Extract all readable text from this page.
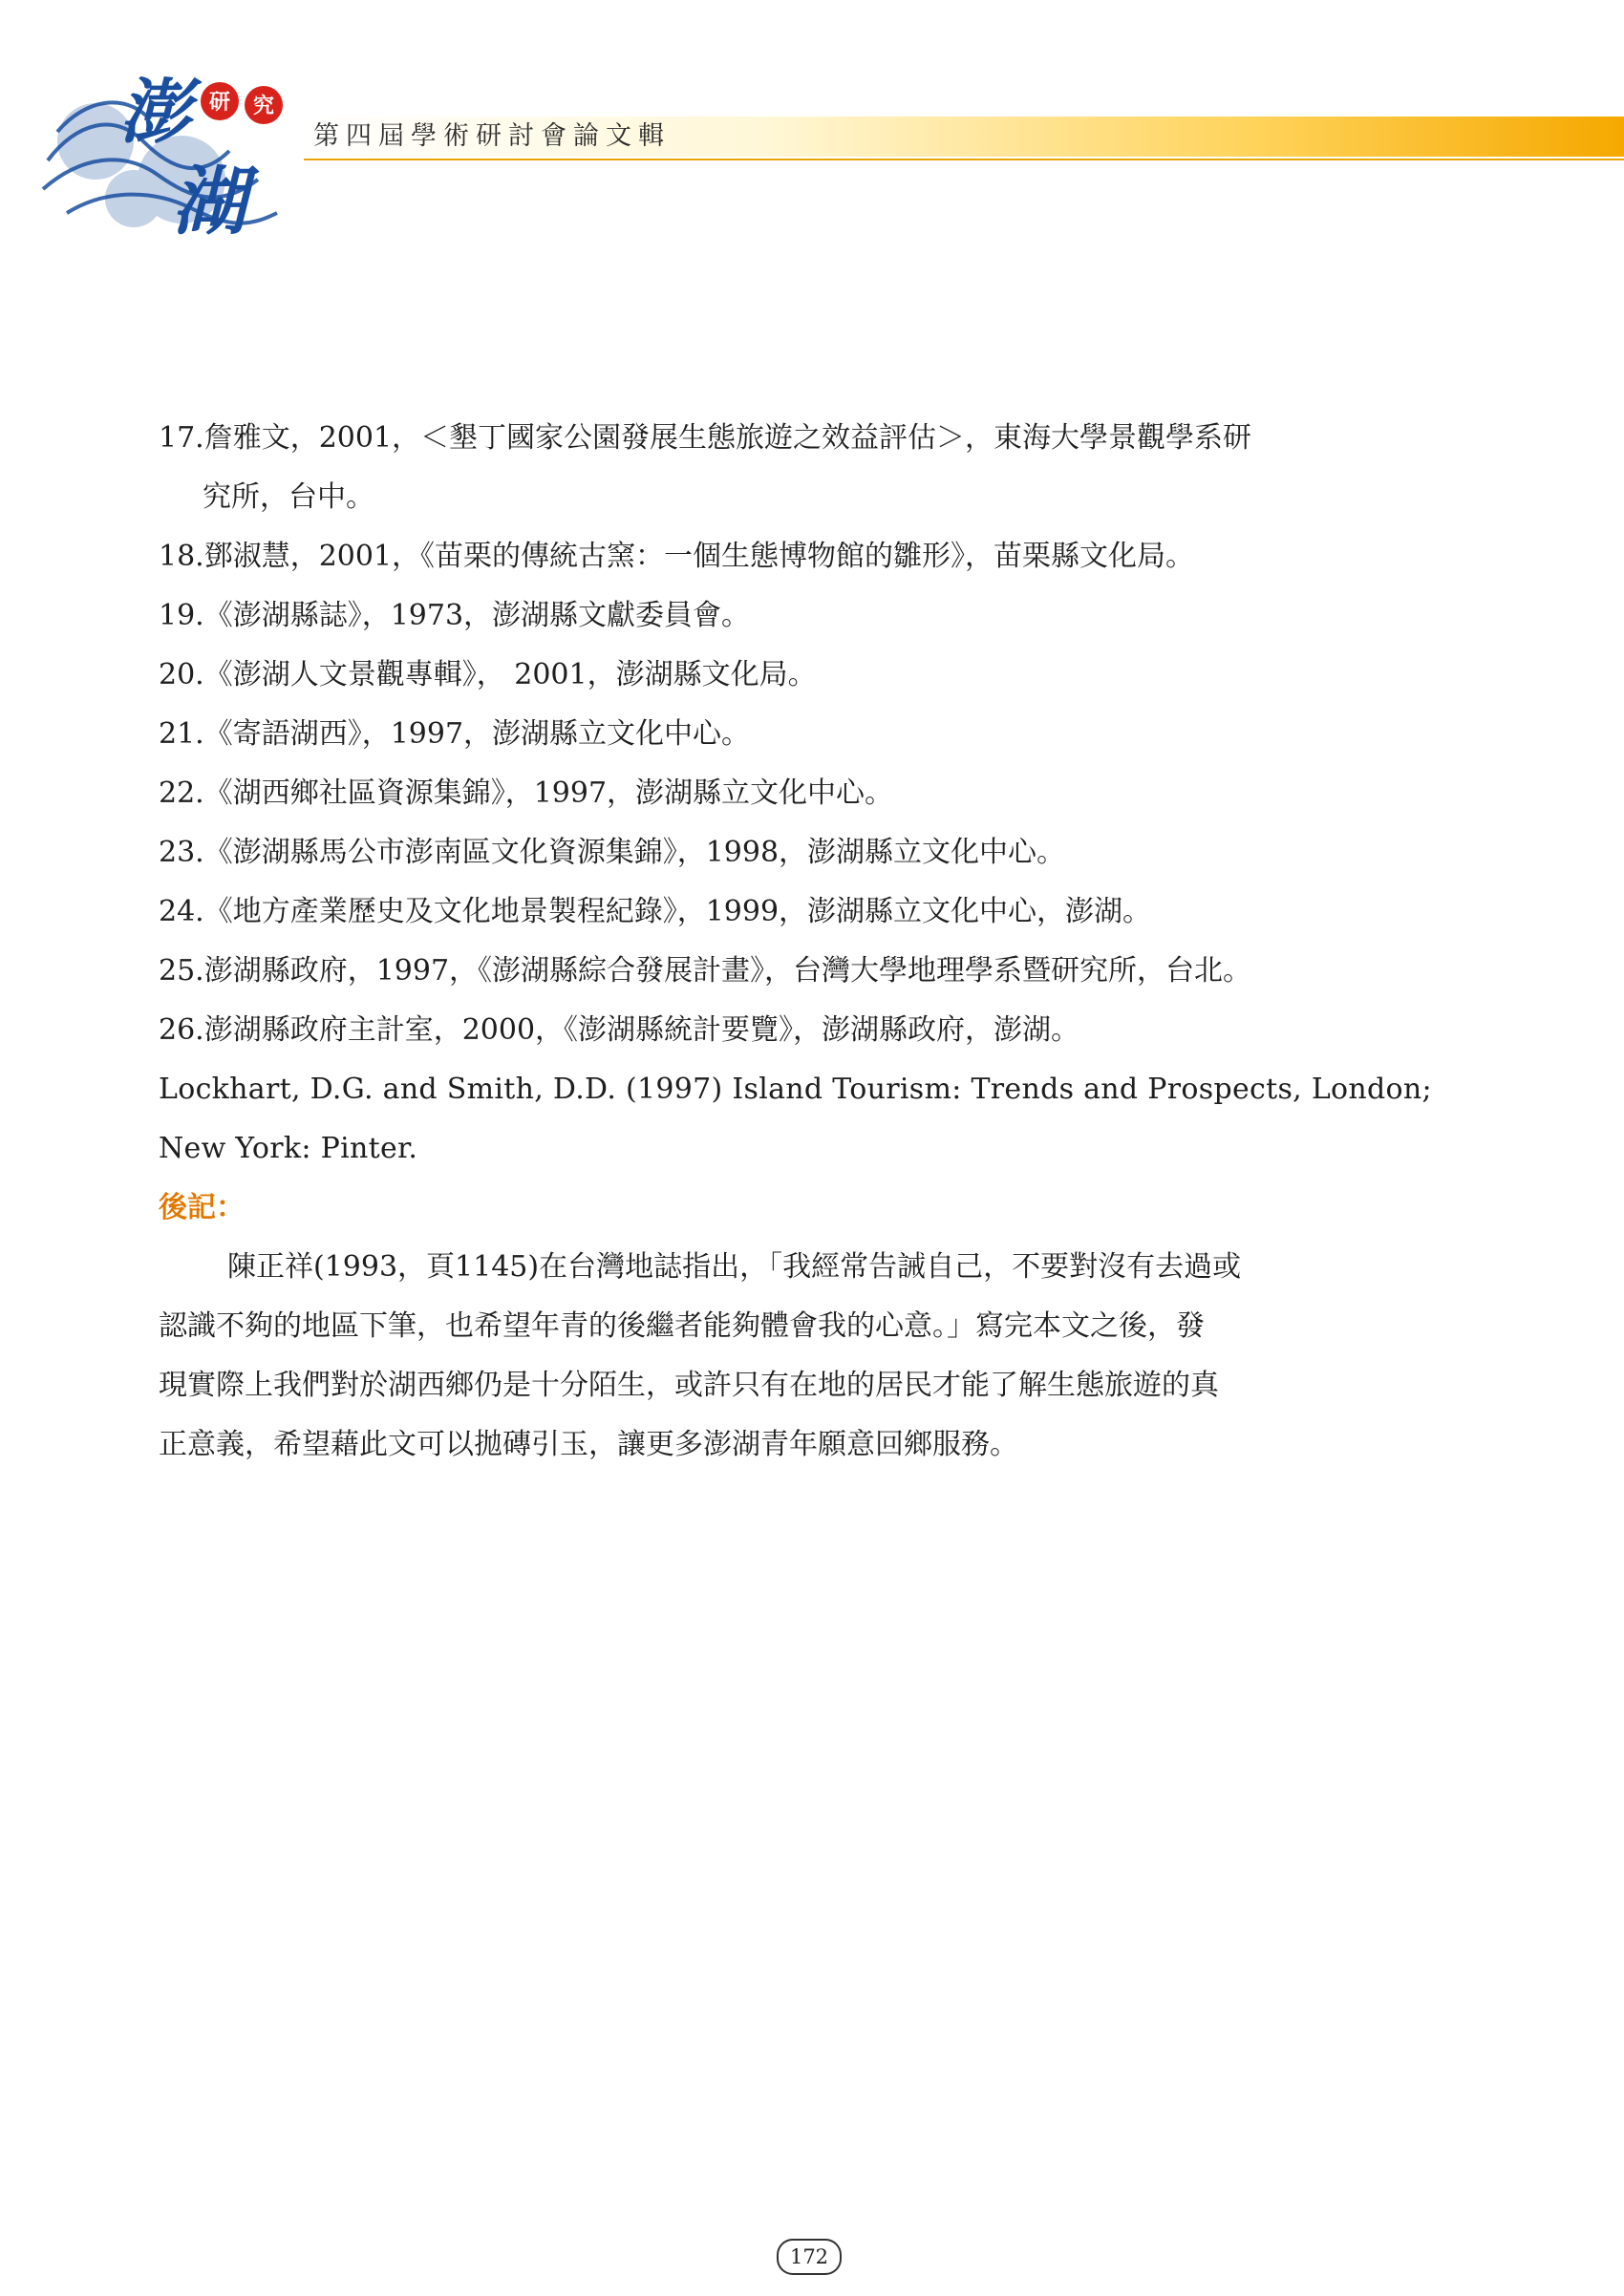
澎
湖
研 究
第四屆學術研討會論文輯

17.詹雅文，2001，＜墾丁國家公園發展生態旅遊之效益評估＞，東海大學景觀學系研
究所，台中。

18.鄧淑慧，2001，《苗栗的傳統古窯：一個生態博物館的雛形》，苗栗縣文化局。

19.《澎湖縣誌》，1973，澎湖縣文獻委員會。

20.《澎湖人文景觀專輯》， 2001，澎湖縣文化局。

21.《寄語湖西》，1997，澎湖縣立文化中心。

22.《湖西鄉社區資源集錦》，1997，澎湖縣立文化中心。

23.《澎湖縣馬公市澎南區文化資源集錦》，1998，澎湖縣立文化中心。

24.《地方產業歷史及文化地景製程紀錄》，1999，澎湖縣立文化中心，澎湖。

25.澎湖縣政府，1997，《澎湖縣綜合發展計畫》，台灣大學地理學系暨研究所，台北。

26.澎湖縣政府主計室，2000，《澎湖縣統計要覽》，澎湖縣政府，澎湖。

Lockhart, D.G. and Smith, D.D. (1997) Island Tourism: Trends and Prospects, London;

New York: Pinter.

後記：

陳正祥(1993，頁1145)在台灣地誌指出，「我經常告誡自己，不要對沒有去過或
認識不夠的地區下筆，也希望年青的後繼者能夠體會我的心意。」寫完本文之後，發
現實際上我們對於湖西鄉仍是十分陌生，或許只有在地的居民才能了解生態旅遊的真
正意義，希望藉此文可以拋磚引玉，讓更多澎湖青年願意回鄉服務。

172
